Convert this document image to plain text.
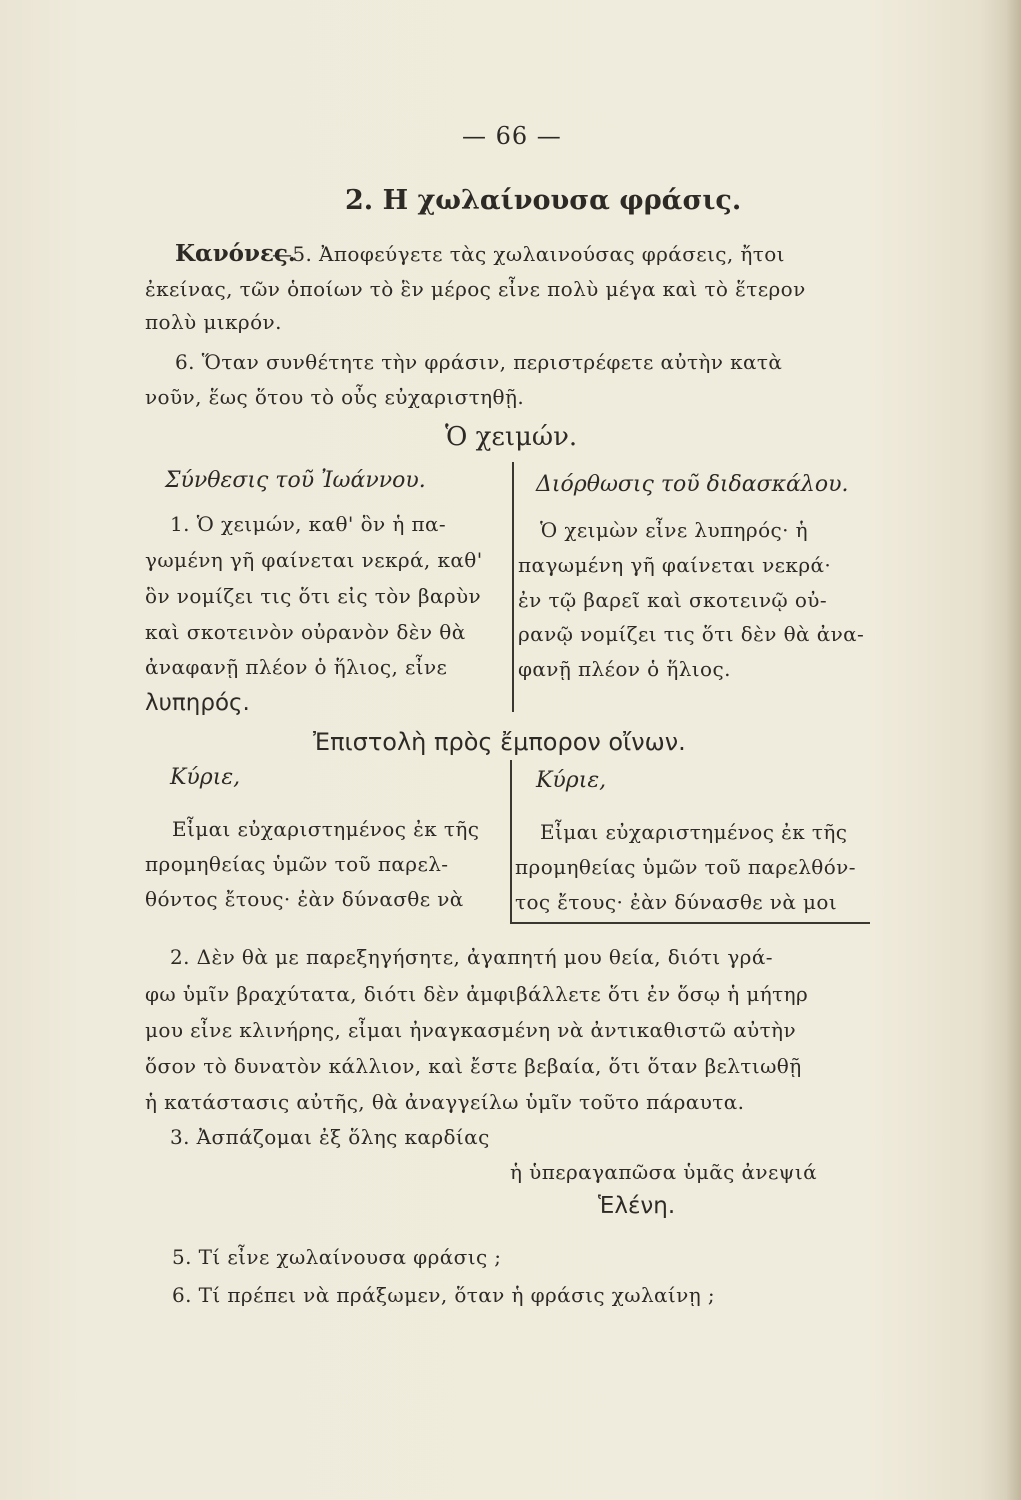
— 66 —
2. Η χωλαίνουσα φράσις.
Κανόνες.
—5. Ἀποφεύγετε τὰς χωλαινούσας φράσεις, ἤτοι
ἐκείνας, τῶν ὁποίων τὸ ἓν μέρος εἶνε πολὺ μέγα καὶ τὸ ἕτερον
πολὺ μικρόν.
6. Ὅταν συνθέτητε τὴν φράσιν, περιστρέφετε αὐτὴν κατὰ
νοῦν, ἕως ὅτου τὸ οὖς εὐχαριστηθῇ.
Ὁ χειμών.
Σύνθεσις τοῦ Ἰωάννου.	Διόρθωσις τοῦ διδασκάλου.
1. Ὁ χειμών, καθ' ὃν ἡ πα-
γωμένη γῆ φαίνεται νεκρά, καθ'
ὃν νομίζει τις ὅτι εἰς τὸν βαρὺν
καὶ σκοτεινὸν οὐρανὸν δὲν θὰ
ἀναφανῇ πλέον ὁ ἥλιος, εἶνε
λυπηρός.
Ὁ χειμὼν εἶνε λυπηρός· ἡ
παγωμένη γῆ φαίνεται νεκρά·
ἐν τῷ βαρεῖ καὶ σκοτεινῷ οὐ-
ρανῷ νομίζει τις ὅτι δὲν θὰ ἀνα-
φανῇ πλέον ὁ ἥλιος.
Ἐπιστολὴ πρὸς ἔμπορον οἴνων.
Κύριε,	Κύριε,
Εἶμαι εὐχαριστημένος ἐκ τῆς
προμηθείας ὑμῶν τοῦ παρελ-
θόντος ἔτους· ἐὰν δύνασθε νὰ
Εἶμαι εὐχαριστημένος ἐκ τῆς
προμηθείας ὑμῶν τοῦ παρελθόν-
τος ἔτους· ἐὰν δύνασθε νὰ μοι
2. Δὲν θὰ με παρεξηγήσητε, ἀγαπητή μου θεία, διότι γρά-
φω ὑμῖν βραχύτατα, διότι δὲν ἀμφιβάλλετε ὅτι ἐν ὅσῳ ἡ μήτηρ
μου εἶνε κλινήρης, εἶμαι ἠναγκασμένη νὰ ἀντικαθιστῶ αὐτὴν
ὅσον τὸ δυνατὸν κάλλιον, καὶ ἔστε βεβαία, ὅτι ὅταν βελτιωθῇ
ἡ κατάστασις αὐτῆς, θὰ ἀναγγείλω ὑμῖν τοῦτο πάραυτα.
3. Ἀσπάζομαι ἐξ ὅλης καρδίας
ἡ ὑπεραγαπῶσα ὑμᾶς ἀνεψιά
Ἑλένη.
5. Τί εἶνε χωλαίνουσα φράσις ;
6. Τί πρέπει νὰ πράξωμεν, ὅταν ἡ φράσις χωλαίνῃ ;
